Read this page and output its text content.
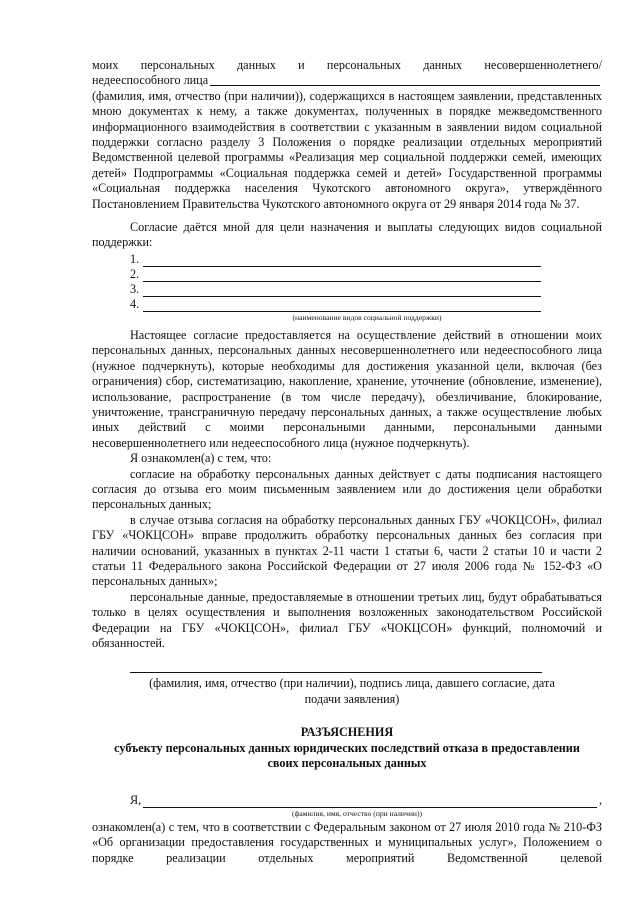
моих персональных данных и персональных данных несовершеннолетнего/
недееспособного лица

(фамилия, имя, отчество (при наличии)), содержащихся в настоящем заявлении, представленных мною документах к нему, а также документах, полученных в порядке межведомственного информационного взаимодействия в соответствии с указанным в заявлении видом социальной поддержки согласно разделу 3 Положения о порядке реализации отдельных мероприятий Ведомственной целевой программы «Реализация мер социальной поддержки семей, имеющих детей» Подпрограммы «Социальная поддержка семей и детей» Государственной программы «Социальная поддержка населения Чукотского автономного округа», утверждённого Постановлением Правительства Чукотского автономного округа от 29 января 2014 года № 37.

Согласие даётся мной для цели назначения и выплаты следующих видов социальной поддержки:

1.
2.
3.
4.
(наименование видов социальной поддержки)

Настоящее согласие предоставляется на осуществление действий в отношении моих персональных данных, персональных данных несовершеннолетнего или недееспособного лица (нужное подчеркнуть), которые необходимы для достижения указанной цели, включая (без ограничения) сбор, систематизацию, накопление, хранение, уточнение (обновление, изменение), использование, распространение (в том числе передачу), обезличивание, блокирование, уничтожение, трансграничную передачу персональных данных, а также осуществление любых иных действий с моими персональными данными, персональными данными несовершеннолетнего или недееспособного лица (нужное подчеркнуть).

Я ознакомлен(а) с тем, что:

согласие на обработку персональных данных действует с даты подписания настоящего согласия до отзыва его моим письменным заявлением или до достижения цели обработки персональных данных;

в случае отзыва согласия на обработку персональных данных ГБУ «ЧОКЦСОН», филиал ГБУ «ЧОКЦСОН» вправе продолжить обработку персональных данных без согласия при наличии оснований, указанных в пунктах 2-11 части 1 статьи 6, части 2 статьи 10 и части 2 статьи 11 Федерального закона Российской Федерации от 27 июля 2006 года № 152-ФЗ «О персональных данных»;

персональные данные, предоставляемые в отношении третьих лиц, будут обрабатываться только в целях осуществления и выполнения возложенных законодательством Российской Федерации на ГБУ «ЧОКЦСОН», филиал ГБУ «ЧОКЦСОН» функций, полномочий и обязанностей.

(фамилия, имя, отчество (при наличии), подпись лица, давшего согласие, дата
подачи заявления)

РАЗЪЯСНЕНИЯ

субъекту персональных данных юридических последствий отказа в предоставлении

своих персональных данных

Я,	,
(фамилия, имя, отчество (при наличии))

ознакомлен(а) с тем, что в соответствии с Федеральным законом от 27 июля 2010 года № 210-ФЗ «Об организации предоставления государственных и муниципальных услуг», Положением о порядке реализации отдельных мероприятий Ведомственной целевой
